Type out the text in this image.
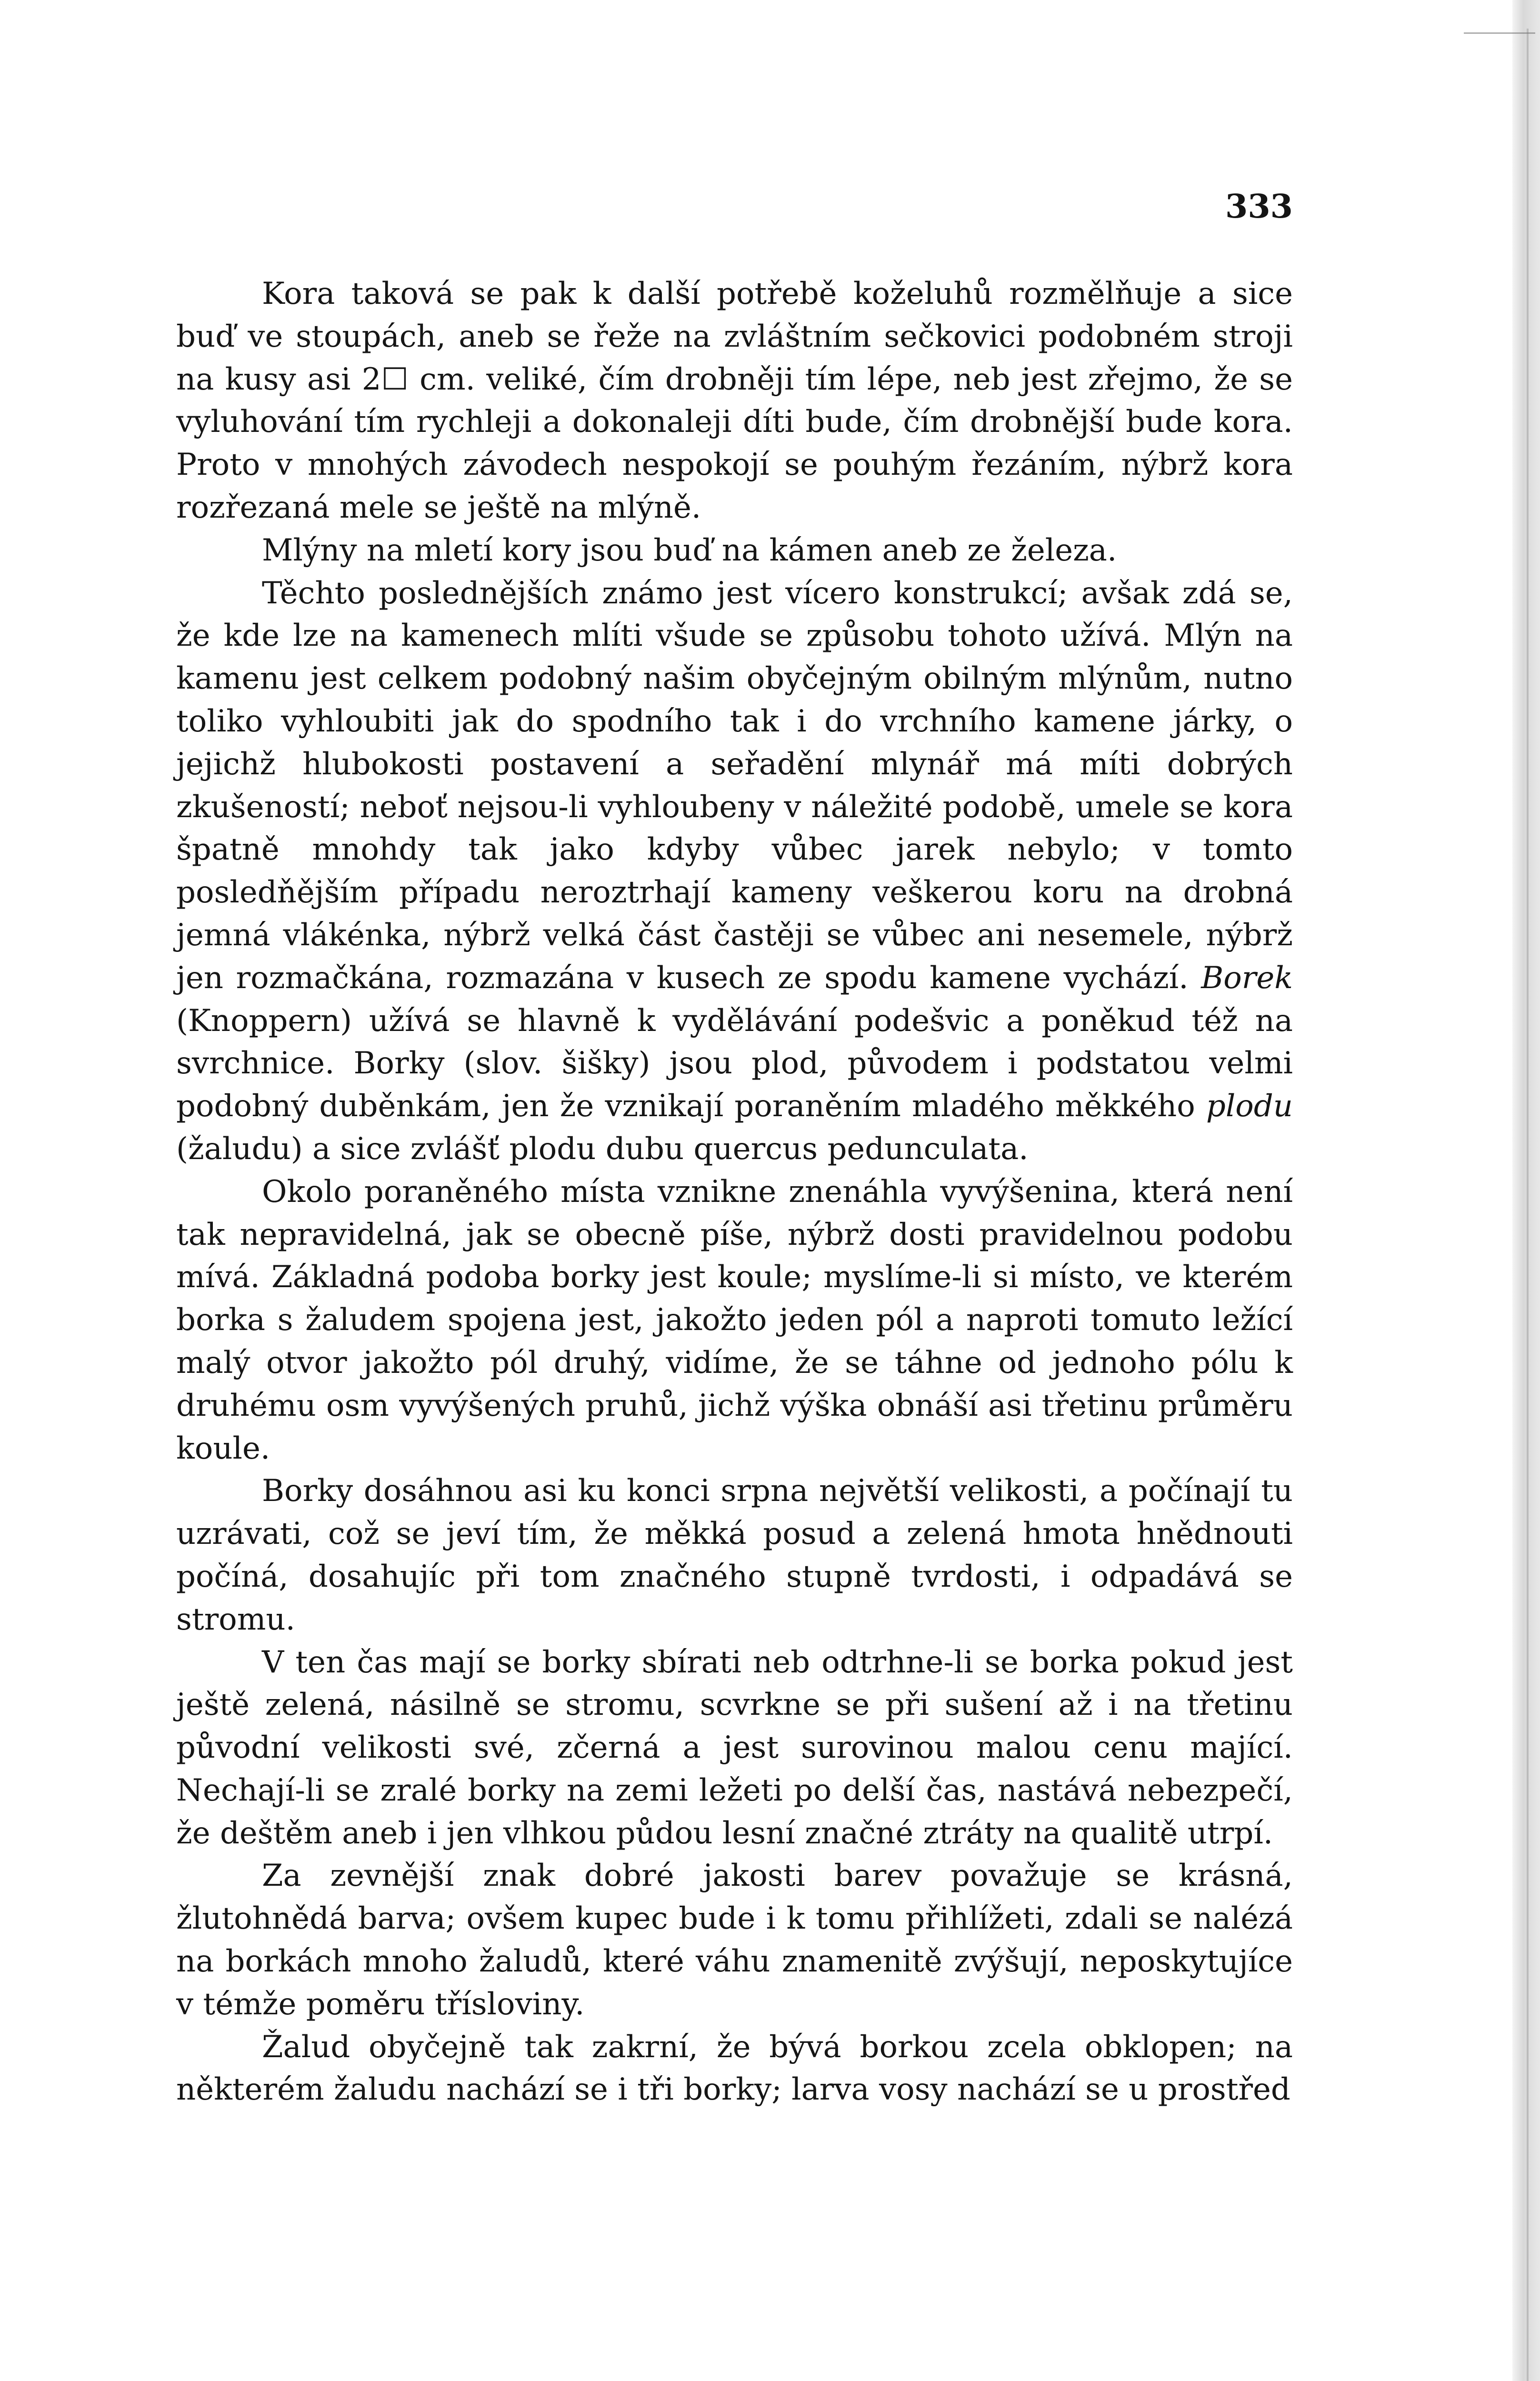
333

Kora taková se pak k další potřebě koželuhů rozmělňuje a sice buď ve stoupách, aneb se řeže na zvláštním sečkovici podobném stroji na kusy asi 2☐ cm. veliké, čím drobněji tím lépe, neb jest zřejmo, že se vyluhování tím rychleji a dokonaleji díti bude, čím drobnější bude kora. Proto v mnohých závodech nespokojí se pouhým řezáním, nýbrž kora rozřezaná mele se ještě na mlýně.

Mlýny na mletí kory jsou buď na kámen aneb ze železa.

Těchto poslednějších známo jest vícero konstrukcí; avšak zdá se, že kde lze na kamenech mlíti všude se způsobu tohoto užívá. Mlýn na kamenu jest celkem podobný našim obyčejným obilným mlýnům, nutno toliko vyhloubiti jak do spodního tak i do vrchního kamene járky, o jejichž hlubokosti postavení a seřadění mlynář má míti dobrých zkušeností; neboť nejsou-li vyhloubeny v náležité podobě, umele se kora špatně mnohdy tak jako kdyby vůbec jarek nebylo; v tomto posledňějším případu neroztrhají kameny veškerou koru na drobná jemná vlákénka, nýbrž velká část častěji se vůbec ani nesemele, nýbrž jen rozmačkána, rozmazána v kusech ze spodu kamene vychází. Borek (Knoppern) užívá se hlavně k vydělávání podešvic a poněkud též na svrchnice. Borky (slov. šišky) jsou plod, původem i podstatou velmi podobný duběnkám, jen že vznikají poraněním mladého měkkého plodu (žaludu) a sice zvlášť plodu dubu quercus pedunculata.

Okolo poraněného místa vznikne znenáhla vyvýšenina, která není tak nepravidelná, jak se obecně píše, nýbrž dosti pravidelnou podobu mívá. Základná podoba borky jest koule; myslíme-li si místo, ve kterém borka s žaludem spojena jest, jakožto jeden pól a naproti tomuto ležící malý otvor jakožto pól druhý, vidíme, že se táhne od jednoho pólu k druhému osm vyvýšených pruhů, jichž výška obnáší asi třetinu průměru koule.

Borky dosáhnou asi ku konci srpna největší velikosti, a počínají tu uzrávati, což se jeví tím, že měkká posud a zelená hmota hnědnouti počíná, dosahujíc při tom značného stupně tvrdosti, i odpadává se stromu.

V ten čas mají se borky sbírati neb odtrhne-li se borka pokud jest ještě zelená, násilně se stromu, scvrkne se při sušení až i na třetinu původní velikosti své, zčerná a jest surovinou malou cenu mající. Nechají-li se zralé borky na zemi ležeti po delší čas, nastává nebezpečí, že deštěm aneb i jen vlhkou půdou lesní značné ztráty na qualitě utrpí.

Za zevnější znak dobré jakosti barev považuje se krásná, žlutohnědá barva; ovšem kupec bude i k tomu přihlížeti, zdali se nalézá na borkách mnoho žaludů, které váhu znamenitě zvýšují, neposkytujíce v témže poměru třísloviny.

Žalud obyčejně tak zakrní, že bývá borkou zcela obklopen; na některém žaludu nachází se i tři borky; larva vosy nachází se u prostřed
